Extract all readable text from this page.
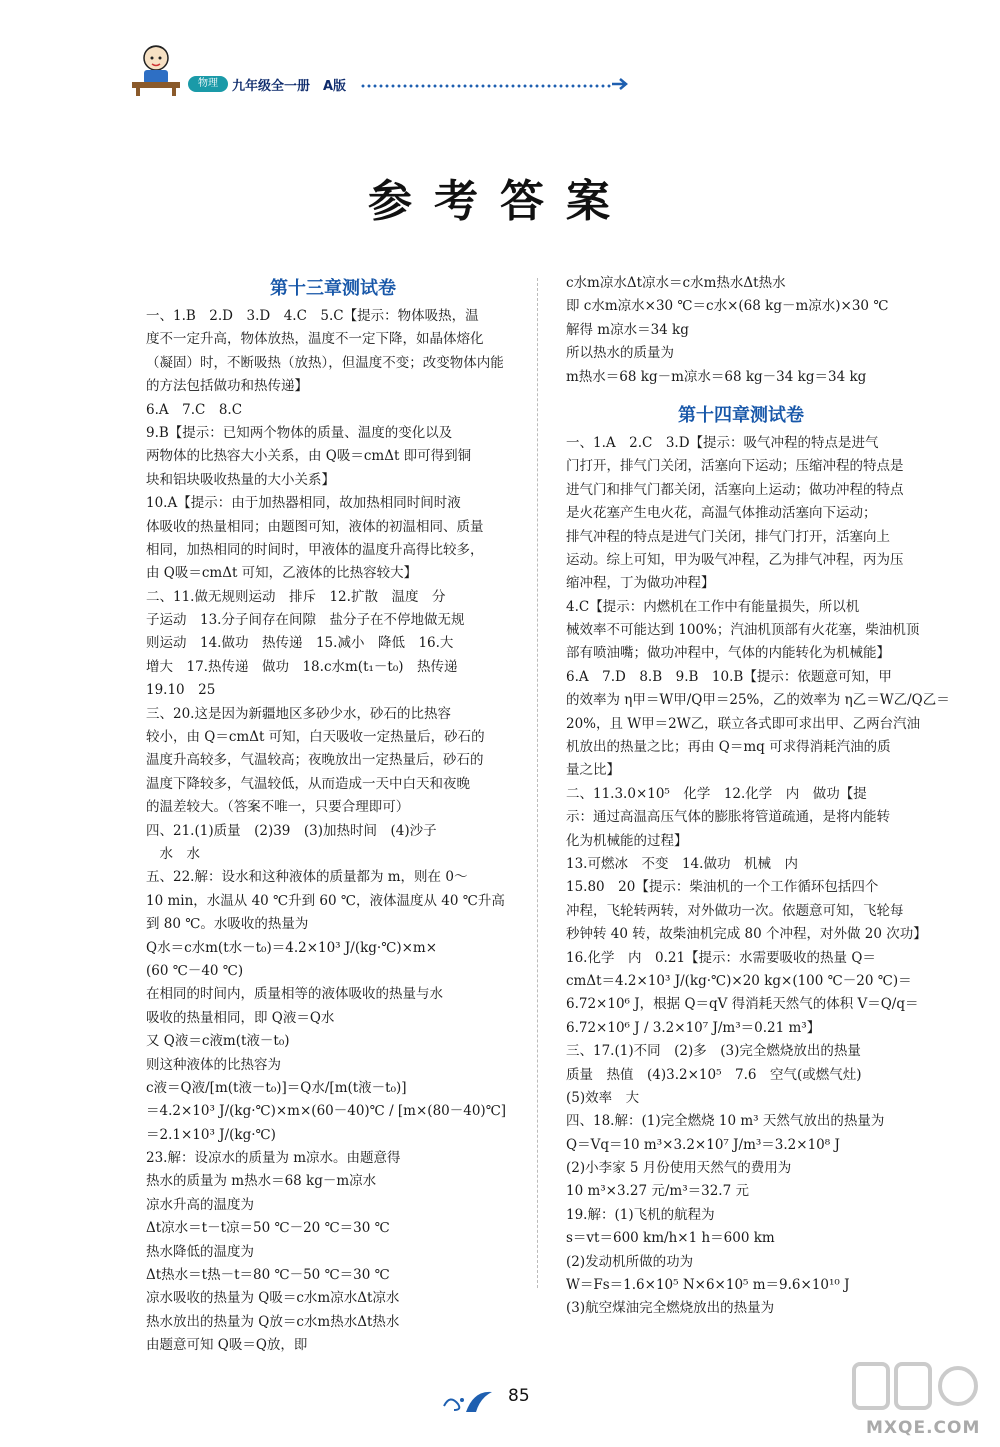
物理	九年级全一册　A版
参考答案
第十三章测试卷
一、1.B　2.D　3.D　4.C　5.C【提示：物体吸热，温
度不一定升高，物体放热，温度不一定下降，如晶体熔化
（凝固）时，不断吸热（放热），但温度不变；改变物体内能
的方法包括做功和热传递】
6.A　7.C　8.C
9.B【提示：已知两个物体的质量、温度的变化以及
两物体的比热容大小关系，由 Q吸＝cmΔt 即可得到铜
块和铝块吸收热量的大小关系】
10.A【提示：由于加热器相同，故加热相同时间时液
体吸收的热量相同；由题图可知，液体的初温相同、质量
相同，加热相同的时间时，甲液体的温度升高得比较多，
由 Q吸＝cmΔt 可知，乙液体的比热容较大】
二、11.做无规则运动　排斥　12.扩散　温度　分
子运动　13.分子间存在间隙　盐分子在不停地做无规
则运动　14.做功　热传递　15.减小　降低　16.大
增大　17.热传递　做功　18.c水m(t₁－t₀)　热传递
19.10　25
三、20.这是因为新疆地区多砂少水，砂石的比热容
较小，由 Q＝cmΔt 可知，白天吸收一定热量后，砂石的
温度升高较多，气温较高；夜晚放出一定热量后，砂石的
温度下降较多，气温较低，从而造成一天中白天和夜晚
的温差较大。（答案不唯一，只要合理即可）
四、21.(1)质量　(2)39　(3)加热时间　(4)沙子
　水　水
五、22.解：设水和这种液体的质量都为 m，则在 0～
10 min，水温从 40 ℃升到 60 ℃，液体温度从 40 ℃升高
到 80 ℃。水吸收的热量为
Q水＝c水m(t水－t₀)＝4.2×10³ J/(kg·℃)×m×
(60 ℃－40 ℃)
在相同的时间内，质量相等的液体吸收的热量与水
吸收的热量相同，即 Q液＝Q水
又 Q液＝c液m(t液－t₀)
则这种液体的比热容为
c液＝Q液/[m(t液－t₀)]＝Q水/[m(t液－t₀)]
＝4.2×10³ J/(kg·℃)×m×(60－40)℃ / [m×(80－40)℃]
＝2.1×10³ J/(kg·℃)
23.解：设凉水的质量为 m凉水。由题意得
热水的质量为 m热水＝68 kg－m凉水
凉水升高的温度为
Δt凉水＝t－t凉＝50 ℃－20 ℃＝30 ℃
热水降低的温度为
Δt热水＝t热－t＝80 ℃－50 ℃＝30 ℃
凉水吸收的热量为 Q吸＝c水m凉水Δt凉水
热水放出的热量为 Q放＝c水m热水Δt热水
由题意可知 Q吸＝Q放，即
c水m凉水Δt凉水＝c水m热水Δt热水
即 c水m凉水×30 ℃＝c水×(68 kg－m凉水)×30 ℃
解得 m凉水＝34 kg
所以热水的质量为
m热水＝68 kg－m凉水＝68 kg－34 kg＝34 kg
第十四章测试卷
一、1.A　2.C　3.D【提示：吸气冲程的特点是进气
门打开，排气门关闭，活塞向下运动；压缩冲程的特点是
进气门和排气门都关闭，活塞向上运动；做功冲程的特点
是火花塞产生电火花，高温气体推动活塞向下运动；
排气冲程的特点是进气门关闭，排气门打开，活塞向上
运动。综上可知，甲为吸气冲程，乙为排气冲程，丙为压
缩冲程，丁为做功冲程】
4.C【提示：内燃机在工作中有能量损失，所以机
械效率不可能达到 100%；汽油机顶部有火花塞，柴油机顶
部有喷油嘴；做功冲程中，气体的内能转化为机械能】
6.A　7.D　8.B　9.B　10.B【提示：依题意可知，甲
的效率为 η甲＝W甲/Q甲＝25%，乙的效率为 η乙＝W乙/Q乙＝
20%，且 W甲＝2W乙，联立各式即可求出甲、乙两台汽油
机放出的热量之比；再由 Q＝mq 可求得消耗汽油的质
量之比】
二、11.3.0×10⁵　化学　12.化学　内　做功【提
示：通过高温高压气体的膨胀将管道疏通，是将内能转
化为机械能的过程】
13.可燃冰　不变　14.做功　机械　内
15.80　20【提示：柴油机的一个工作循环包括四个
冲程，飞轮转两转，对外做功一次。依题意可知，飞轮每
秒钟转 40 转，故柴油机完成 80 个冲程，对外做 20 次功】
16.化学　内　0.21【提示：水需要吸收的热量 Q＝
cmΔt＝4.2×10³ J/(kg·℃)×20 kg×(100 ℃－20 ℃)＝
6.72×10⁶ J，根据 Q＝qV 得消耗天然气的体积 V＝Q/q＝
6.72×10⁶ J / 3.2×10⁷ J/m³＝0.21 m³】
三、17.(1)不同　(2)多　(3)完全燃烧放出的热量
质量　热值　(4)3.2×10⁵　7.6　空气(或燃气灶)
(5)效率　大
四、18.解：(1)完全燃烧 10 m³ 天然气放出的热量为
Q＝Vq＝10 m³×3.2×10⁷ J/m³＝3.2×10⁸ J
(2)小李家 5 月份使用天然气的费用为
10 m³×3.27 元/m³＝32.7 元
19.解：(1)飞机的航程为
s＝vt＝600 km/h×1 h＝600 km
(2)发动机所做的功为
W＝Fs＝1.6×10⁵ N×6×10⁵ m＝9.6×10¹⁰ J
(3)航空煤油完全燃烧放出的热量为
85
MXQE.COM
